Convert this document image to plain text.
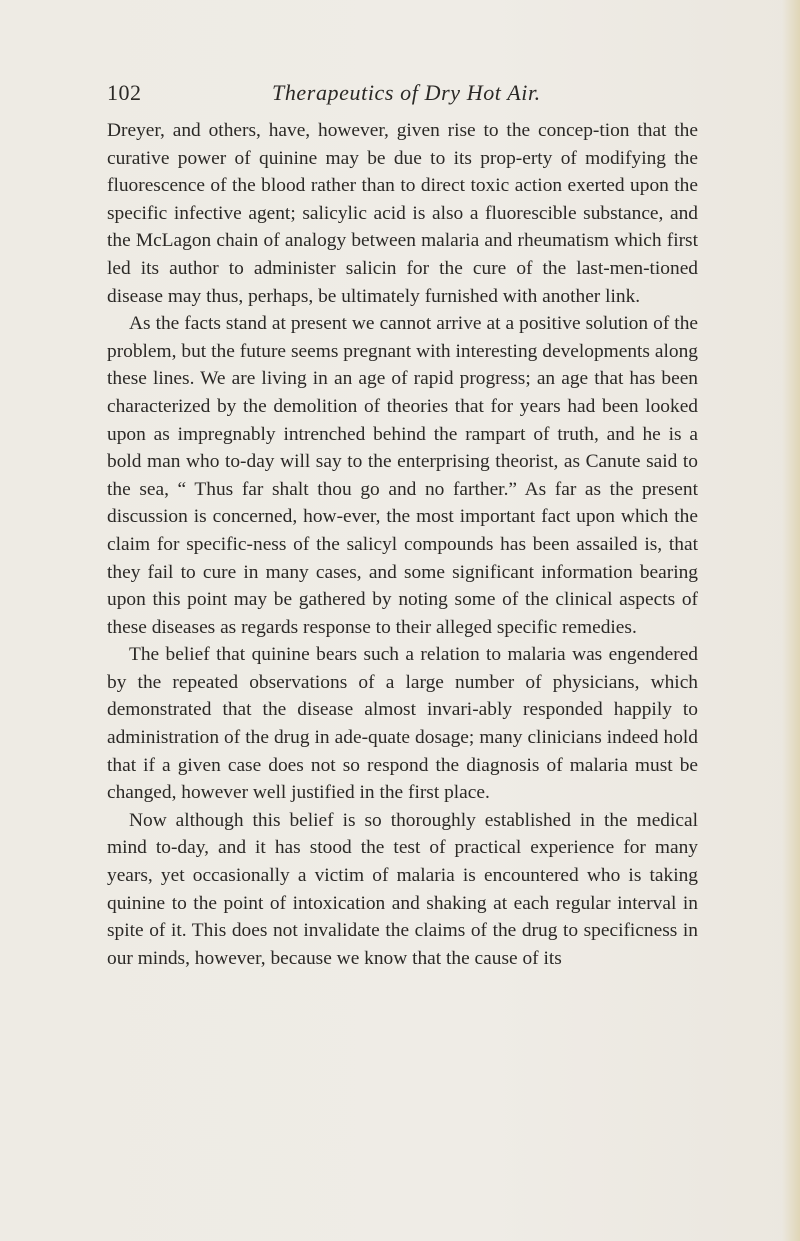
102	Therapeutics of Dry Hot Air.

Dreyer, and others, have, however, given rise to the concep-tion that the curative power of quinine may be due to its prop-erty of modifying the fluorescence of the blood rather than to direct toxic action exerted upon the specific infective agent; salicylic acid is also a fluorescible substance, and the McLagon chain of analogy between malaria and rheumatism which first led its author to administer salicin for the cure of the last-men-tioned disease may thus, perhaps, be ultimately furnished with another link.

As the facts stand at present we cannot arrive at a positive solution of the problem, but the future seems pregnant with interesting developments along these lines. We are living in an age of rapid progress; an age that has been characterized by the demolition of theories that for years had been looked upon as impregnably intrenched behind the rampart of truth, and he is a bold man who to-day will say to the enterprising theorist, as Canute said to the sea, “ Thus far shalt thou go and no farther.” As far as the present discussion is concerned, how-ever, the most important fact upon which the claim for specific-ness of the salicyl compounds has been assailed is, that they fail to cure in many cases, and some significant information bearing upon this point may be gathered by noting some of the clinical aspects of these diseases as regards response to their alleged specific remedies.

The belief that quinine bears such a relation to malaria was engendered by the repeated observations of a large number of physicians, which demonstrated that the disease almost invari-ably responded happily to administration of the drug in ade-quate dosage; many clinicians indeed hold that if a given case does not so respond the diagnosis of malaria must be changed, however well justified in the first place.

Now although this belief is so thoroughly established in the medical mind to-day, and it has stood the test of practical experience for many years, yet occasionally a victim of malaria is encountered who is taking quinine to the point of intoxication and shaking at each regular interval in spite of it. This does not invalidate the claims of the drug to specificness in our minds, however, because we know that the cause of its
